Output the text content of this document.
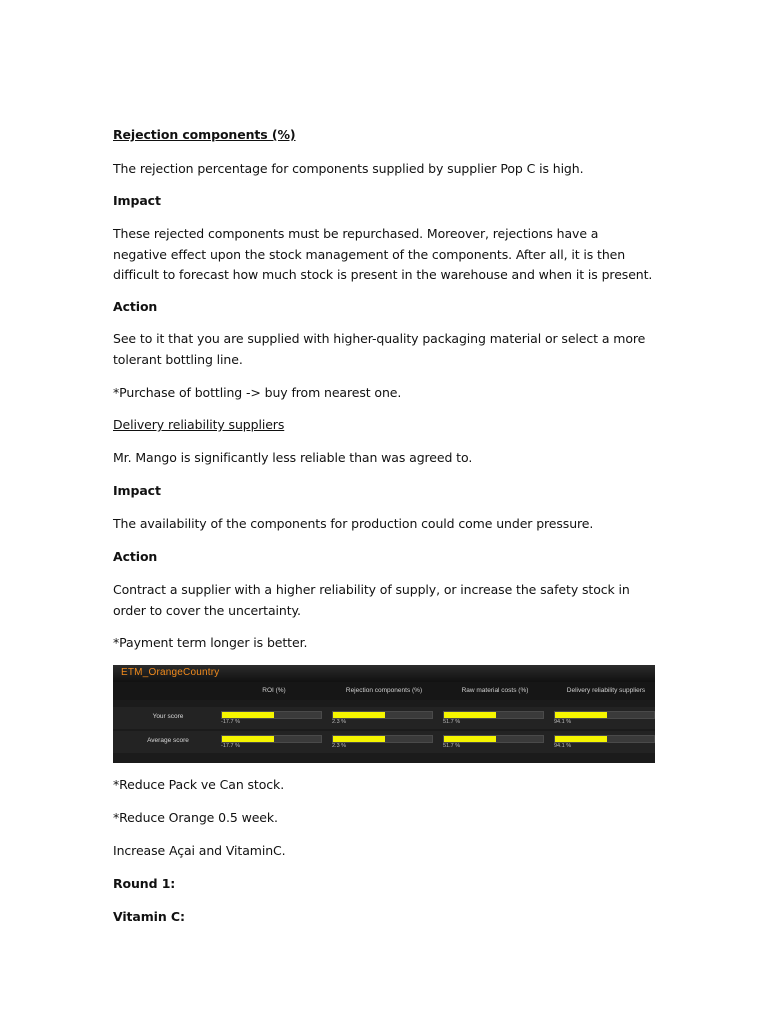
Rejection components (%)
The rejection percentage for components supplied by supplier Pop C is high.
Impact
These rejected components must be repurchased. Moreover, rejections have a negative effect upon the stock management of the components. After all, it is then difficult to forecast how much stock is present in the warehouse and when it is present.
Action
See to it that you are supplied with higher-quality packaging material or select a more tolerant bottling line.
*Purchase of bottling -> buy from nearest one.
Delivery reliability suppliers
Mr. Mango is significantly less reliable than was agreed to.
Impact
The availability of the components for production could come under pressure.
Action
Contract a supplier with a higher reliability of supply, or increase the safety stock in order to cover the uncertainty.
*Payment term longer is better.
ETM_OrangeCountry
ROI (%)	Rejection components (%)	Raw material costs (%)	Delivery reliability suppliers
Your score
-17.7 %	2.3 %	51.7 %	94.1 %
Average score
-17.7 %	2.3 %	51.7 %	94.1 %
*Reduce Pack ve Can stock.
*Reduce Orange 0.5 week.
Increase Açai and VitaminC.
Round 1:
Vitamin C:
